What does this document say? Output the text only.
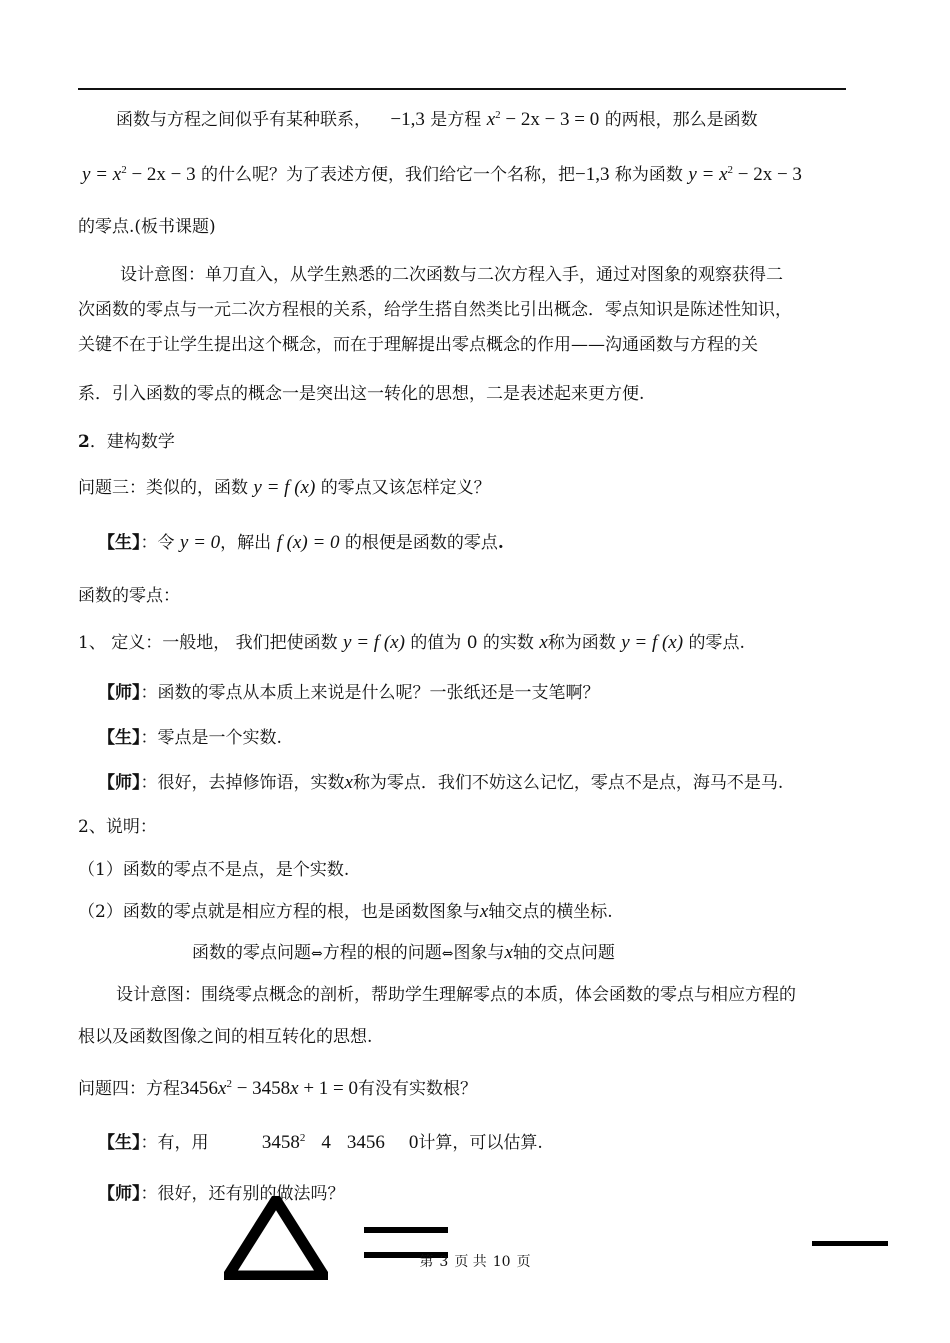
函数与方程之间似乎有某种联系， −1,3 是方程 $x^2 - 2x - 3 = 0$ 的两根，那么是函数
$y = x^2 - 2x - 3$ 的什么呢？为了表述方便，我们给它一个名称，把−1,3 称为函数 $y = x^2 - 2x - 3$
的零点.(板书课题)
设计意图：单刀直入，从学生熟悉的二次函数与二次方程入手，通过对图象的观察获得二
次函数的零点与一元二次方程根的关系，给学生搭自然类比引出概念．零点知识是陈述性知识，
关键不在于让学生提出这个概念，而在于理解提出零点概念的作用——沟通函数与方程的关
系．引入函数的零点的概念一是突出这一转化的思想，二是表述起来更方便.
2．建构数学
问题三：类似的，函数 y = f (x) 的零点又该怎样定义？
【生】：令 y = 0，解出 f (x) = 0 的根便是函数的零点.
函数的零点：
1、 定义：一般地， 我们把使函数 y = f (x) 的值为 0 的实数 x称为函数 y = f (x) 的零点.
【师】：函数的零点从本质上来说是什么呢？一张纸还是一支笔啊？
【生】：零点是一个实数.
【师】：很好，去掉修饰语，实数x称为零点．我们不妨这么记忆，零点不是点，海马不是马.
2、说明：
（1）函数的零点不是点，是个实数.
（2）函数的零点就是相应方程的根，也是函数图象与x轴交点的横坐标.
函数的零点问题⇔方程的根的问题⇔图象与x轴的交点问题
设计意图：围绕零点概念的剖析，帮助学生理解零点的本质，体会函数的零点与相应方程的
根以及函数图像之间的相互转化的思想.
问题四：方程$3456x^2 - 3458x + 1 = 0$有没有实数根？
【生】：有，用	3458$^2$ 4 3456 0计算，可以估算.
【师】：很好，还有别的做法吗？
第 3 页 共 10 页
